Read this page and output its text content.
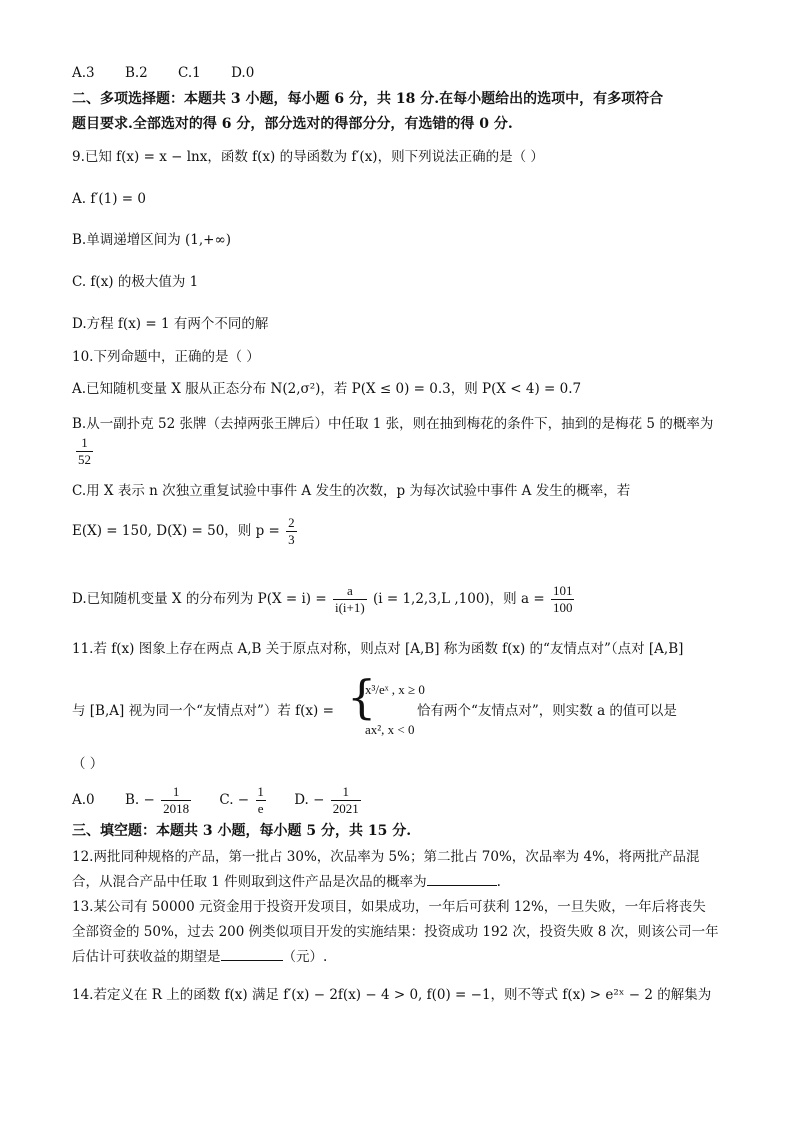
A.3 B.2 C.1 D.0
二、多项选择题：本题共 3 小题，每小题 6 分，共 18 分.在每小题给出的选项中，有多项符合
题目要求.全部选对的得 6 分，部分选对的得部分分，有选错的得 0 分.
9.已知 f(x) = x − lnx，函数 f(x) 的导函数为 f′(x)，则下列说法正确的是（ ）
A. f′(1) = 0
B.单调递增区间为 (1,+∞)
C. f(x) 的极大值为 1
D.方程 f(x) = 1 有两个不同的解
10.下列命题中，正确的是（ ）
A.已知随机变量 X 服从正态分布 N(2,σ²)，若 P(X ≤ 0) = 0.3，则 P(X < 4) = 0.7
B.从一副扑克 52 张牌（去掉两张王牌后）中任取 1 张，则在抽到梅花的条件下，抽到的是梅花 5 的概率为
$\frac{1}{52}$
C.用 X 表示 n 次独立重复试验中事件 A 发生的次数，p 为每次试验中事件 A 发生的概率，若
E(X) = 150, D(X) = 50，则 $p = \frac{2}{3}$
D.已知随机变量 X 的分布列为 $P(X = i) = \frac{a}{i(i+1)} (i = 1,2,3,L$ ,100)，则 $a = \frac{101}{100}$
11.若 f(x) 图象上存在两点 A,B 关于原点对称，则点对 [A,B] 称为函数 f(x) 的“友情点对”（点对 [A,B]
与 [B,A] 视为同一个“友情点对”）若 f(x) = {
x³/eˣ , x ≥ 0
ax², x < 0
恰有两个“友情点对”，则实数 a 的值可以是
（ ）
A.0 B. − $\frac{1}{2018} C$. − $\frac{1}{e} D$. − $\frac{1}{2021}$
三、填空题：本题共 3 小题，每小题 5 分，共 15 分.
12.两批同种规格的产品，第一批占 30%，次品率为 5%；第二批占 70%，次品率为 4%，将两批产品混
合，从混合产品中任取 1 件则取到这件产品是次品的概率为	.
13.某公司有 50000 元资金用于投资开发项目，如果成功，一年后可获利 12%，一旦失败，一年后将丧失
全部资金的 50%，过去 200 例类似项目开发的实施结果：投资成功 192 次，投资失败 8 次，则该公司一年
后估计可获收益的期望是	（元）.
14.若定义在 R 上的函数 f(x) 满足 f′(x) − 2f(x) − 4 > 0, f(0) = −1，则不等式 f(x) > e²ˣ − 2 的解集为
